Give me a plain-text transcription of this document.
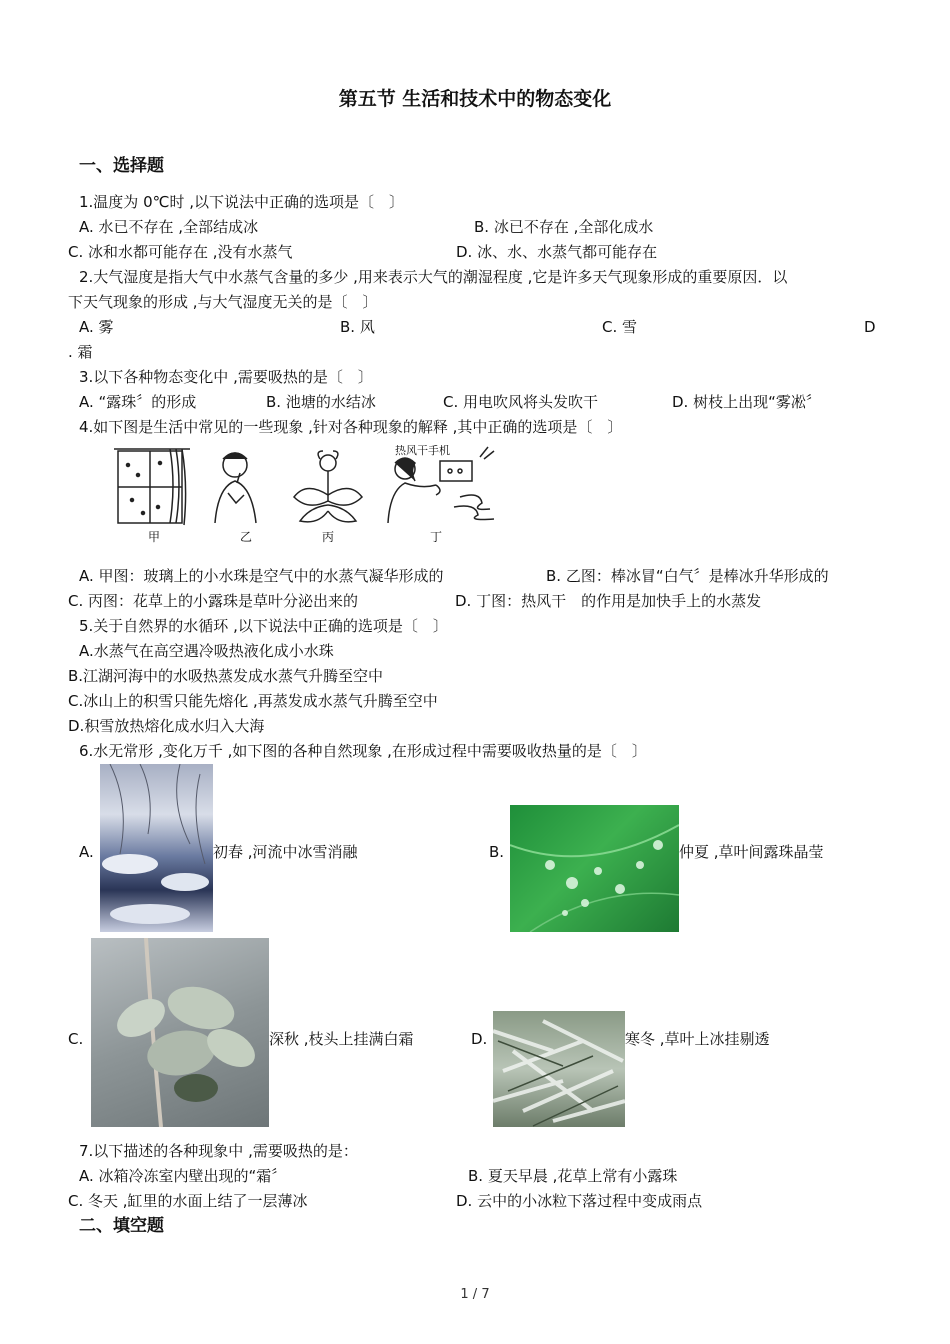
第五节 生活和技术中的物态变化
一、选择题
1.温度为 0℃时 ,以下说法中正确的选项是〔　〕
A. 水已不存在 ,全部结成冰	B. 冰已不存在 ,全部化成水
C. 冰和水都可能存在 ,没有水蒸气	D. 冰、水、水蒸气都可能存在
2.大气湿度是指大气中水蒸气含量的多少 ,用来表示大气的潮湿程度 ,它是许多天气现象形成的重要原因．以
下天气现象的形成 ,与大气湿度无关的是〔　〕
A. 雾	B. 风	C. 雪	D
. 霜
3.以下各种物态变化中 ,需要吸热的是〔　〕
A. “露珠〞的形成	B. 池塘的水结冰	C. 用电吹风将头发吹干	D. 树枝上出现“雾凇〞
4.如下图是生活中常见的一些现象 ,针对各种现象的解释 ,其中正确的选项是〔　〕
热风干手机
甲	乙	丙	丁
A. 甲图：玻璃上的小水珠是空气中的水蒸气凝华形成的	B. 乙图：棒冰冒“白气〞是棒冰升华形成的
C. 丙图：花草上的小露珠是草叶分泌出来的	D. 丁图：热风干　的作用是加快手上的水蒸发
5.关于自然界的水循环 ,以下说法中正确的选项是〔　〕
A.水蒸气在高空遇冷吸热液化成小水珠
B.江湖河海中的水吸热蒸发成水蒸气升腾至空中
C.冰山上的积雪只能先熔化 ,再蒸发成水蒸气升腾至空中
D.积雪放热熔化成水归入大海
6.水无常形 ,变化万千 ,如下图的各种自然现象 ,在形成过程中需要吸收热量的是〔　〕
A.	初春 ,河流中冰雪消融	B.	仲夏 ,草叶间露珠晶莹
C.	深秋 ,枝头上挂满白霜	D.	寒冬 ,草叶上冰挂剔透
7.以下描述的各种现象中 ,需要吸热的是：
A. 冰箱冷冻室内壁出现的“霜〞	B. 夏天早晨 ,花草上常有小露珠
C. 冬天 ,缸里的水面上结了一层薄冰	D. 云中的小冰粒下落过程中变成雨点
二、填空题
1 / 7
